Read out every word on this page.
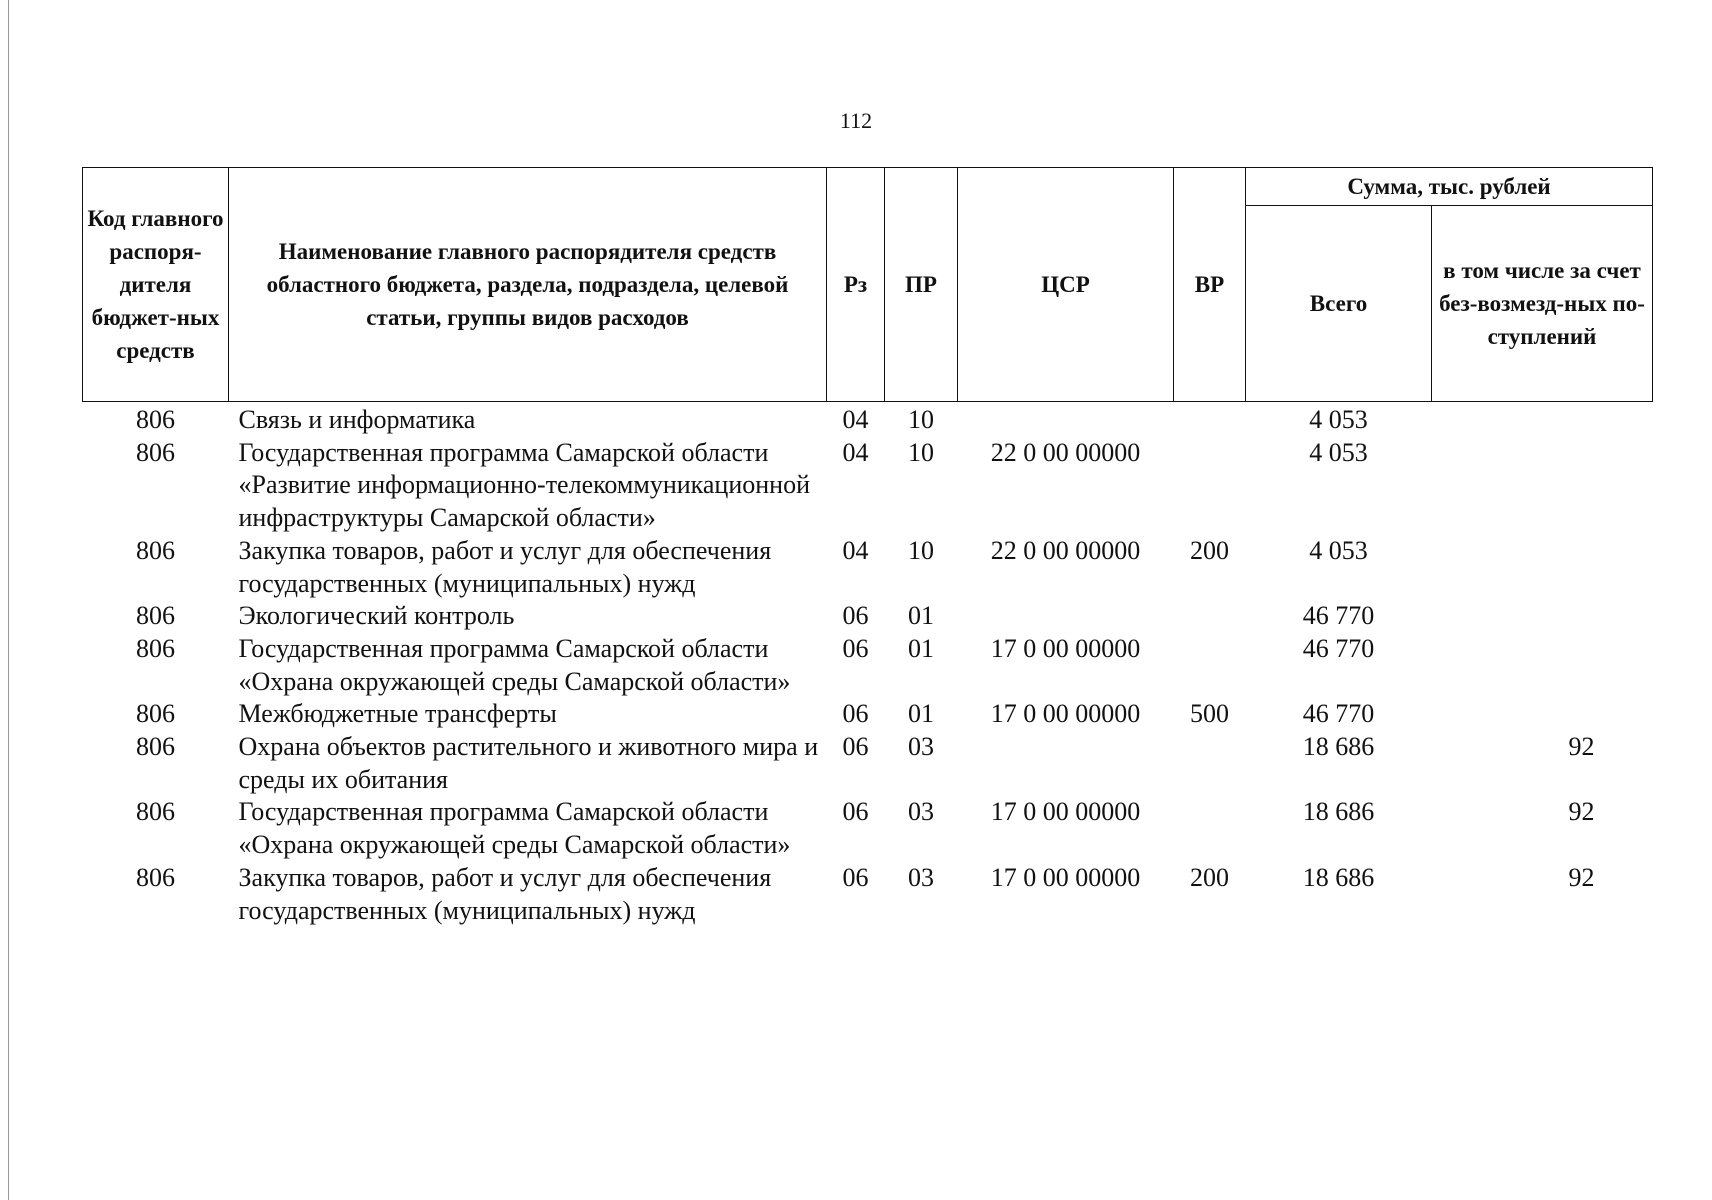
112
Код главного распоря-дителя бюджет-ных средств	Наименование главного распорядителя средств областного бюджета, раздела, подраздела, целевой статьи, группы видов расходов	Рз	ПР	ЦСР	ВР	Сумма, тыс. рублей	
						Всего	в том числе за счет без-возмезд-ных по-ступлений
806	Связь и информатика	04	10			4 053	
806	Государственная программа Самарской области «Развитие информационно-телекоммуникационной инфраструктуры Самарской области»	04	10	22 0 00 00000		4 053	
806	Закупка товаров, работ и услуг для обеспечения государственных (муниципальных) нужд	04	10	22 0 00 00000	200	4 053	
806	Экологический контроль	06	01			46 770	
806	Государственная программа Самарской области «Охрана окружающей среды Самарской области»	06	01	17 0 00 00000		46 770	
806	Межбюджетные трансферты	06	01	17 0 00 00000	500	46 770	
806	Охрана объектов растительного и животного мира и среды их обитания	06	03			18 686	92
806	Государственная программа Самарской области «Охрана окружающей среды Самарской области»	06	03	17 0 00 00000		18 686	92
806	Закупка товаров, работ и услуг для обеспечения государственных (муниципальных) нужд	06	03	17 0 00 00000	200	18 686	92
